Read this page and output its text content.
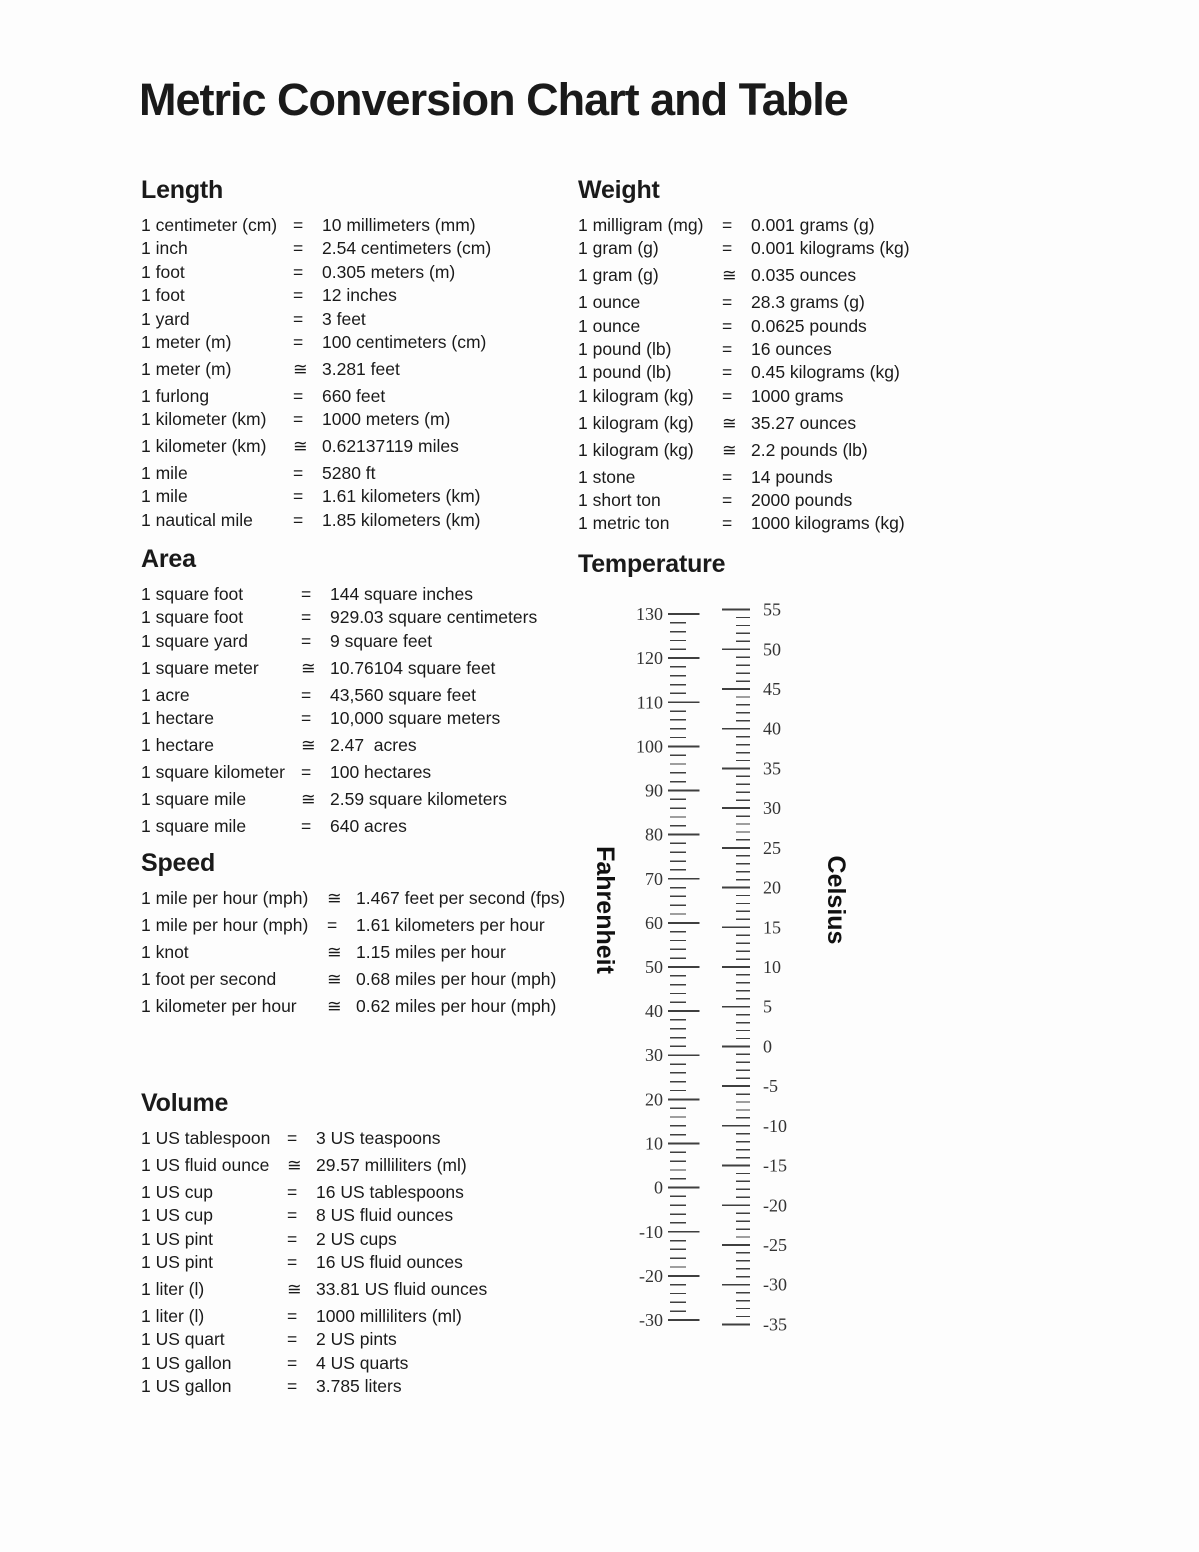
Metric Conversion Chart and Table
Length
1 centimeter (cm) =	10 millimeters (mm)
1 inch	=	2.54 centimeters (cm)
1 foot	=	0.305 meters (m)
1 foot	=	12 inches
1 yard	=	3 feet
1 meter (m)	=	100 centimeters (cm)
1 meter (m)	≅ 3.281 feet
1 furlong	=	660 feet
1 kilometer (km)	=	1000 meters (m)
1 kilometer (km)	≅ 0.62137119 miles
1 mile	=	5280 ft
1 mile	=	1.61 kilometers (km)
1 nautical mile	=	1.85 kilometers (km)
Weight
1 milligram (mg)	=	0.001 grams (g)
1 gram (g)	=	0.001 kilograms (kg)
1 gram (g)	≅ 0.035 ounces
1 ounce	=	28.3 grams (g)
1 ounce	=	0.0625 pounds
1 pound (lb)	=	16 ounces
1 pound (lb)	=	0.45 kilograms (kg)
1 kilogram (kg)	=	1000 grams
1 kilogram (kg)	≅ 35.27 ounces
1 kilogram (kg)	≅ 2.2 pounds (lb)
1 stone	=	14 pounds
1 short ton	=	2000 pounds
1 metric ton	=	1000 kilograms (kg)
Area
1 square foot	=	144 square inches
1 square foot	=	929.03 square centimeters
1 square yard	=	9 square feet
1 square meter	≅ 10.76104 square feet
1 acre	=	43,560 square feet
1 hectare	=	10,000 square meters
1 hectare	≅ 2.47  acres
1 square kilometer =	100 hectares
1 square mile	≅ 2.59 square kilometers
1 square mile	=	640 acres
Temperature
130
120
110
100
90
80
70
60
50
40
30
20
10
0
-10
-20
-30
Fahrenheit
55
50
45
40
35
30
25
20
15
10
5
0
-5
-10
-15
-20
-25
-30
-35
Celsius
Speed
1 mile per hour (mph)	≅ 1.467 feet per second (fps)
1 mile per hour (mph)	=	1.61 kilometers per hour
1 knot	≅ 1.15 miles per hour
1 foot per second	≅ 0.68 miles per hour (mph)
1 kilometer per hour	≅ 0.62 miles per hour (mph)
Volume
1 US tablespoon =	3 US teaspoons
1 US fluid ounce	≅ 29.57 milliliters (ml)
1 US cup	=	16 US tablespoons
1 US cup	=	8 US fluid ounces
1 US pint	=	2 US cups
1 US pint	=	16 US fluid ounces
1 liter (l)	≅ 33.81 US fluid ounces
1 liter (l)	=	1000 milliliters (ml)
1 US quart	=	2 US pints
1 US gallon	=	4 US quarts
1 US gallon	=	3.785 liters
